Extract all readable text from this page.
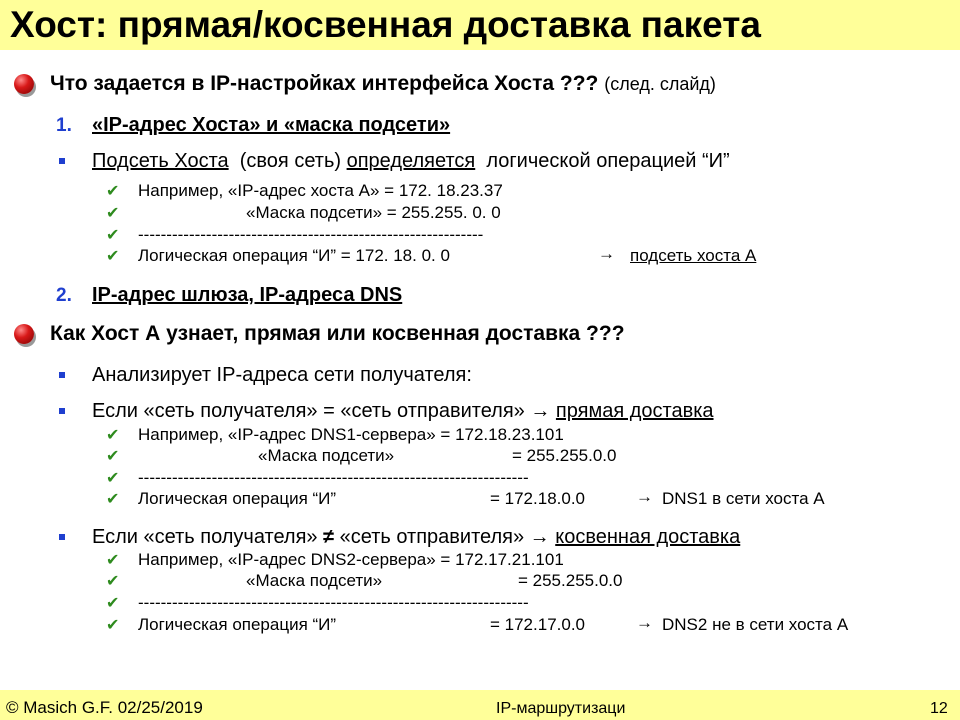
Хост: прямая/косвенная доставка пакета
Что задается в IP-настройках интерфейса Хоста ??? (след. слайд)
1. «IP-адрес Хоста» и «маска подсети»
Подсеть Хоста (своя сеть) определяется логической операцией “И”
✔ Например, «IP-адрес хоста А» = 172. 18.23.37
✔	«Маска подсети» = 255.255. 0. 0
✔ -------------------------------------------------------------
✔ Логическая операция “И” = 172. 18. 0. 0	→ подсеть хоста А
2. IP-адрес шлюза, IP-адреса DNS
Как Хост А узнает, прямая или косвенная доставка ???
Анализирует IP-адреса сети получателя:
Если «сеть получателя» = «сеть отправителя» → прямая доставка
✔ Например, «IP-адрес DNS1-сервера» = 172.18.23.101
✔	«Маска подсети»	= 255.255.0.0
✔ ---------------------------------------------------------------------
✔ Логическая операция “И”	= 172.18.0.0	→ DNS1 в сети хоста А
Если «сеть получателя» ≠ «сеть отправителя» → косвенная доставка
✔ Например, «IP-адрес DNS2-сервера» = 172.17.21.101
✔	«Маска подсети»	= 255.255.0.0
✔ ---------------------------------------------------------------------
✔ Логическая операция “И”	= 172.17.0.0	→ DNS2 не в сети хоста А
© Masich G.F. 02/25/2019	IP-маршрутизаци	12
